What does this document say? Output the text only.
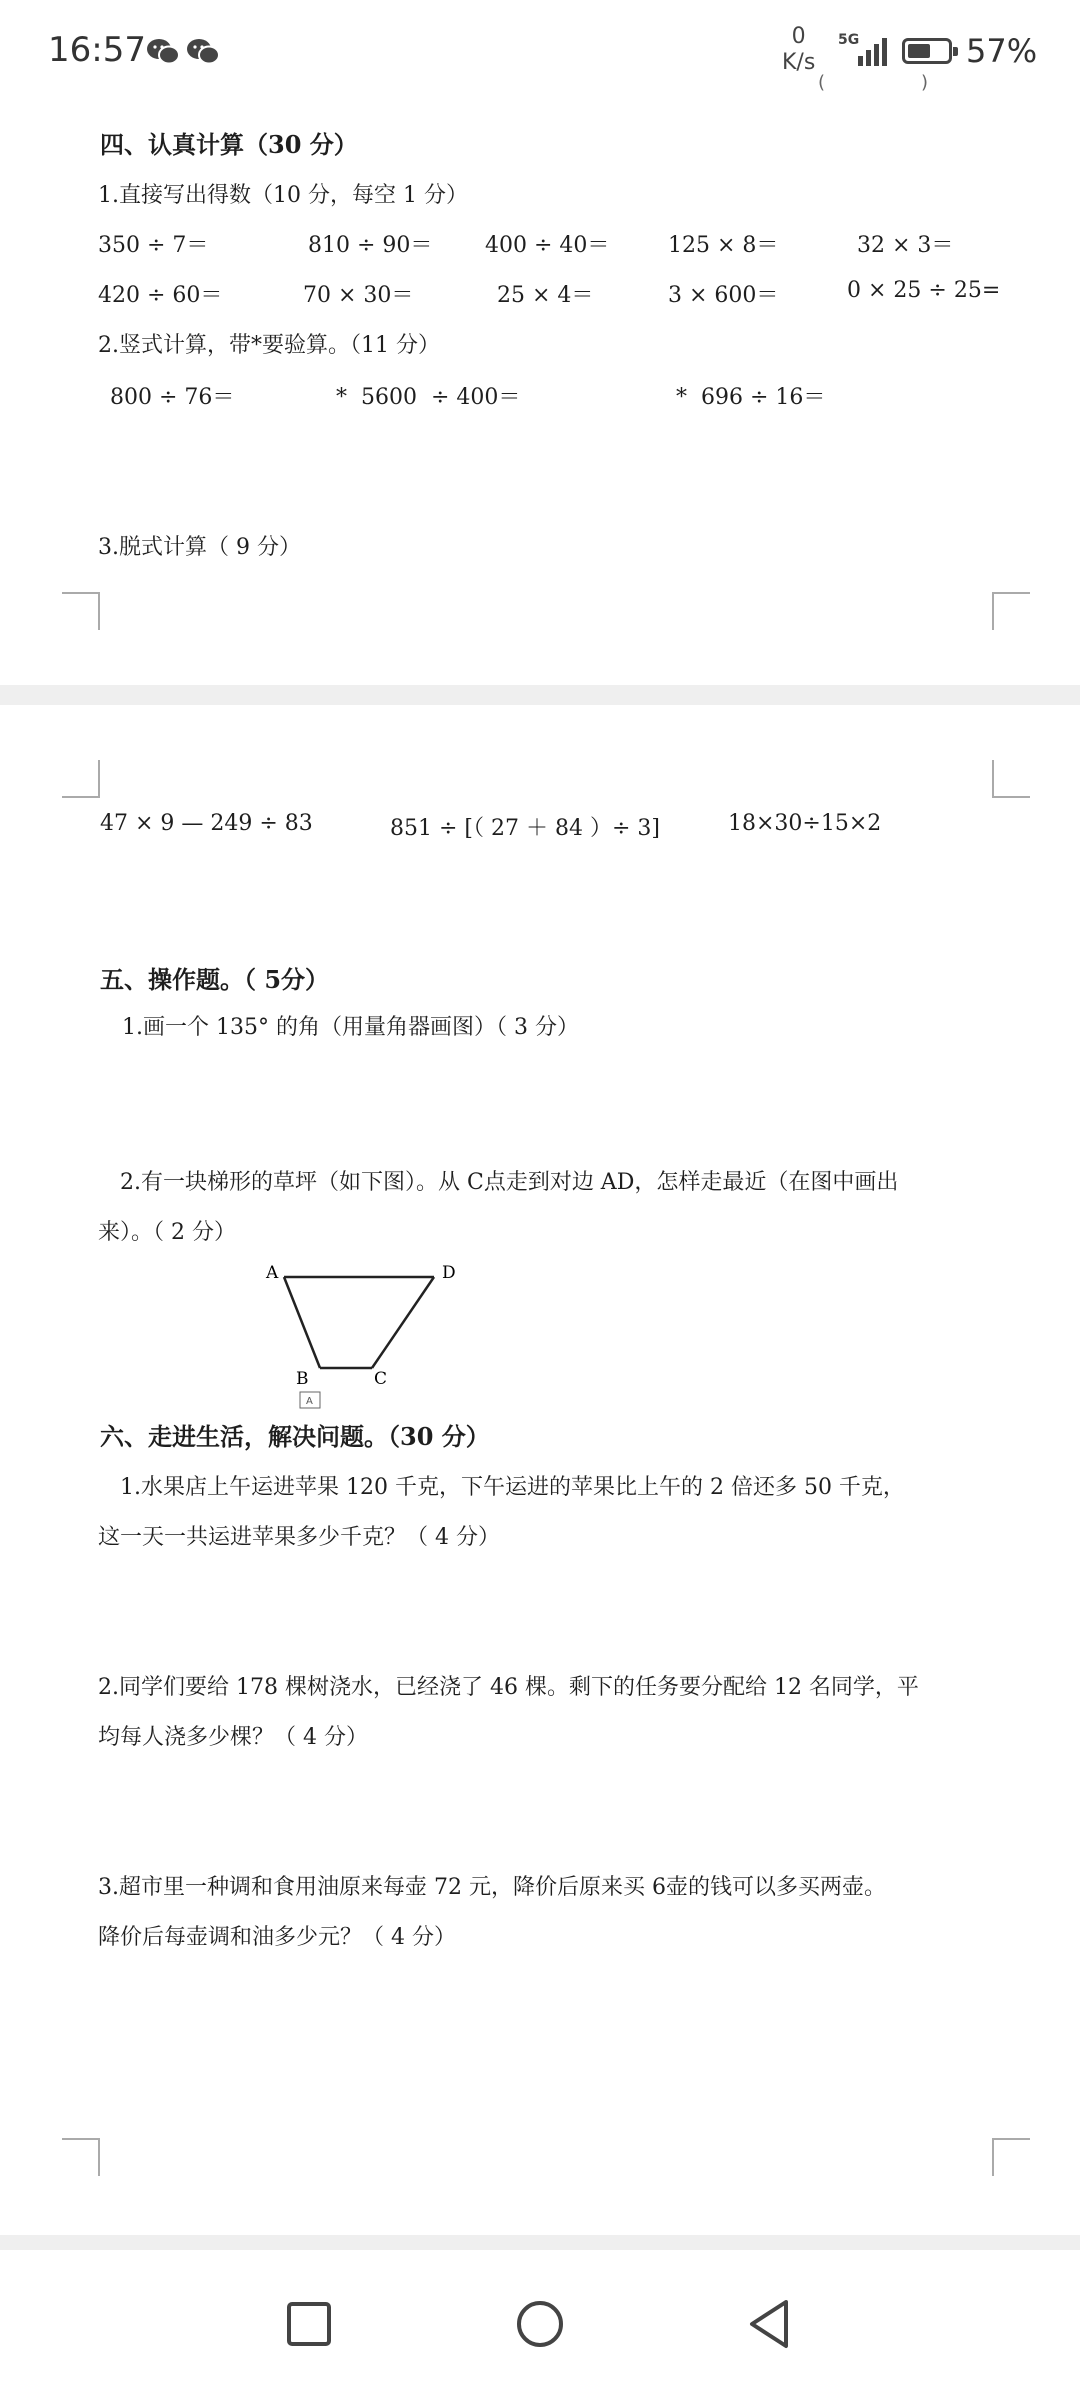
16:57	0
K/s
5G	57%
(	)
四、认真计算（30 分）
1.直接写出得数（10 分，每空 1 分）
350 ÷ 7＝	810 ÷ 90＝ 400 ÷ 40＝	125 × 8＝	32 × 3＝
420 ÷ 60＝	70 × 30＝	25 × 4＝	3 × 600＝	0 × 25 ÷ 25=
2.竖式计算，带*要验算。（11 分）
800 ÷ 76＝	*  5600  ÷ 400＝	*  696 ÷ 16＝
3.脱式计算（ 9 分）
47 × 9 — 249 ÷ 83	851 ÷ [（ 27 ＋ 84 ）÷ 3]	18×30÷15×2
五、操作题。（ 5分）
1.画一个 135° 的角（用量角器画图）（ 3 分）
2.有一块梯形的草坪（如下图）。从 C点走到对边 AD，怎样走最近（在图中画出
来）。（ 2 分）
A	D
B	C
A
六、走进生活，解决问题。（30 分）
1.水果店上午运进苹果 120 千克，下午运进的苹果比上午的 2 倍还多 50 千克，
这一天一共运进苹果多少千克？（ 4 分）
2.同学们要给 178 棵树浇水，已经浇了 46 棵。剩下的任务要分配给 12 名同学，平
均每人浇多少棵？（ 4 分）
3.超市里一种调和食用油原来每壶 72 元，降价后原来买 6壶的钱可以多买两壶。
降价后每壶调和油多少元？（ 4 分）
